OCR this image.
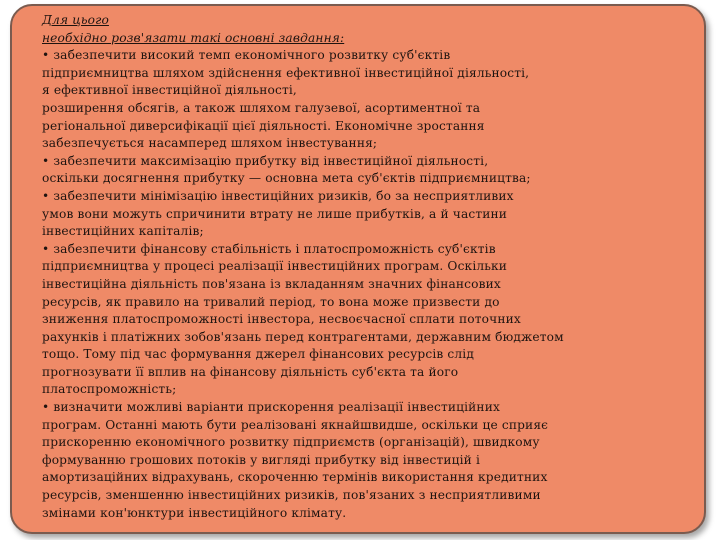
Для цього
необхідно розв'язати такі основні завдання:
• забезпечити високий темп економічного розвитку суб'єктів
підприємництва шляхом здійснення ефективної інвестиційної діяльності,
я ефективної інвестиційної діяльності,
розширення обсягів, а також шляхом галузевої, асортиментної та
регіональної диверсифікації цієї діяльності. Економічне зростання
забезпечується насамперед шляхом інвестування;
• забезпечити максимізацію прибутку від інвестиційної діяльності,
оскільки досягнення прибутку — основна мета суб'єктів підприємництва;
• забезпечити мінімізацію інвестиційних ризиків, бо за несприятливих
умов вони можуть спричинити втрату не лише прибутків, а й частини
інвестиційних капіталів;
• забезпечити фінансову стабільність і платоспроможність суб'єктів
підприємництва у процесі реалізації інвестиційних програм. Оскільки
інвестиційна діяльність пов'язана із вкладанням значних фінансових
ресурсів, як правило на тривалий період, то вона може призвести до
зниження платоспроможності інвестора, несвоєчасної сплати поточних
рахунків і платіжних зобов'язань перед контрагентами, державним бюджетом
тощо. Тому під час формування джерел фінансових ресурсів слід
прогнозувати її вплив на фінансову діяльність суб'єкта та його
платоспроможність;
• визначити можливі варіанти прискорення реалізації інвестиційних
програм. Останні мають бути реалізовані якнайшвидше, оскільки це сприяє
прискоренню економічного розвитку підприємств (організацій), швидкому
формуванню грошових потоків у вигляді прибутку від інвестицій і
амортизаційних відрахувань, скороченню термінів використання кредитних
ресурсів, зменшенню інвестиційних ризиків, пов'язаних з несприятливими
змінами кон'юнктури інвестиційного клімату.
